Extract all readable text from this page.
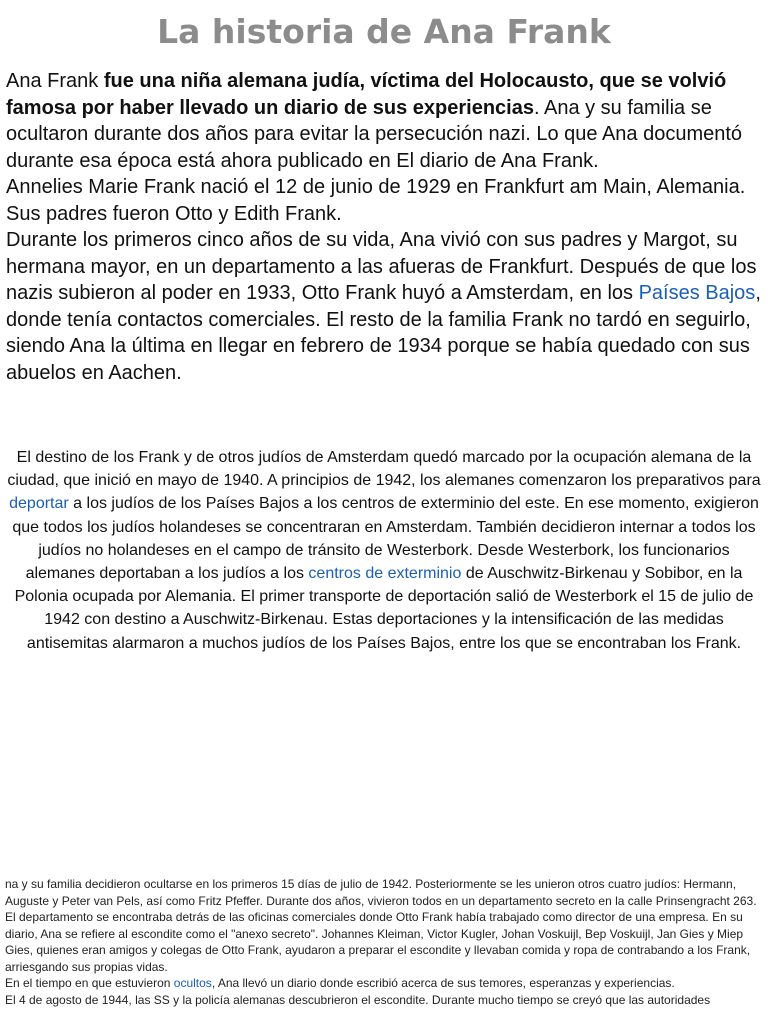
La historia de Ana Frank

Ana Frank fue una niña alemana judía, víctima del Holocausto, que se volvió famosa por haber llevado un diario de sus experiencias. Ana y su familia se ocultaron durante dos años para evitar la persecución nazi. Lo que Ana documentó durante esa época está ahora publicado en El diario de Ana Frank.

Annelies Marie Frank nació el 12 de junio de 1929 en Frankfurt am Main, Alemania. Sus padres fueron Otto y Edith Frank.

Durante los primeros cinco años de su vida, Ana vivió con sus padres y Margot, su hermana mayor, en un departamento a las afueras de Frankfurt. Después de que los nazis subieron al poder en 1933, Otto Frank huyó a Amsterdam, en los Países Bajos, donde tenía contactos comerciales. El resto de la familia Frank no tardó en seguirlo, siendo Ana la última en llegar en febrero de 1934 porque se había quedado con sus abuelos en Aachen.

El destino de los Frank y de otros judíos de Amsterdam quedó marcado por la ocupación alemana de la ciudad, que inició en mayo de 1940. A principios de 1942, los alemanes comenzaron los preparativos para deportar a los judíos de los Países Bajos a los centros de exterminio del este. En ese momento, exigieron que todos los judíos holandeses se concentraran en Amsterdam. También decidieron internar a todos los judíos no holandeses en el campo de tránsito de Westerbork. Desde Westerbork, los funcionarios alemanes deportaban a los judíos a los centros de exterminio de Auschwitz-Birkenau y Sobibor, en la Polonia ocupada por Alemania. El primer transporte de deportación salió de Westerbork el 15 de julio de 1942 con destino a Auschwitz-Birkenau. Estas deportaciones y la intensificación de las medidas antisemitas alarmaron a muchos judíos de los Países Bajos, entre los que se encontraban los Frank.

na y su familia decidieron ocultarse en los primeros 15 días de julio de 1942. Posteriormente se les unieron otros cuatro judíos: Hermann, Auguste y Peter van Pels, así como Fritz Pfeffer. Durante dos años, vivieron todos en un departamento secreto en la calle Prinsengracht 263. El departamento se encontraba detrás de las oficinas comerciales donde Otto Frank había trabajado como director de una empresa. En su diario, Ana se refiere al escondite como el "anexo secreto". Johannes Kleiman, Victor Kugler, Johan Voskuijl, Bep Voskuijl, Jan Gies y Miep Gies, quienes eran amigos y colegas de Otto Frank, ayudaron a preparar el escondite y llevaban comida y ropa de contrabando a los Frank, arriesgando sus propias vidas.

En el tiempo en que estuvieron ocultos, Ana llevó un diario donde escribió acerca de sus temores, esperanzas y experiencias.

El 4 de agosto de 1944, las SS y la policía alemanas descubrieron el escondite. Durante mucho tiempo se creyó que las autoridades
